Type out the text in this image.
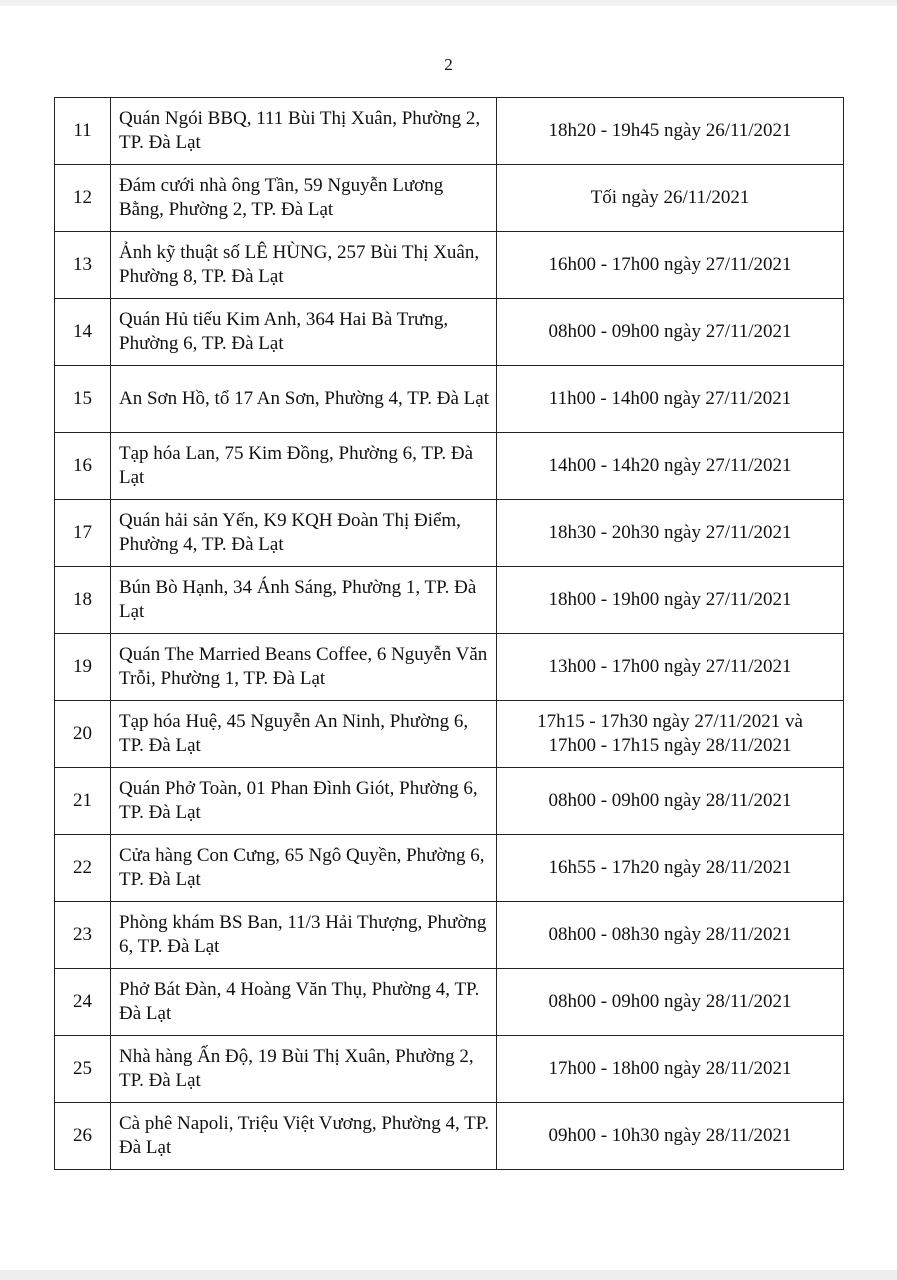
2
11	Quán Ngói BBQ, 111 Bùi Thị Xuân, Phường 2, TP. Đà Lạt	18h20 - 19h45 ngày 26/11/2021
12	Đám cưới nhà ông Tần, 59 Nguyễn Lương Bằng, Phường 2, TP. Đà Lạt	Tối ngày 26/11/2021
13	Ảnh kỹ thuật số LÊ HÙNG, 257 Bùi Thị Xuân, Phường 8, TP. Đà Lạt	16h00 - 17h00 ngày 27/11/2021
14	Quán Hủ tiếu Kim Anh, 364 Hai Bà Trưng, Phường 6, TP. Đà Lạt	08h00 - 09h00 ngày 27/11/2021
15	An Sơn Hồ, tổ 17 An Sơn, Phường 4, TP. Đà Lạt	11h00 - 14h00 ngày 27/11/2021
16	Tạp hóa Lan, 75 Kim Đồng, Phường 6, TP. Đà Lạt	14h00 - 14h20 ngày 27/11/2021
17	Quán hải sản Yến, K9 KQH Đoàn Thị Điểm, Phường 4, TP. Đà Lạt	18h30 - 20h30 ngày 27/11/2021
18	Bún Bò Hạnh, 34 Ánh Sáng, Phường 1, TP. Đà Lạt	18h00 - 19h00 ngày 27/11/2021
19	Quán The Married Beans Coffee, 6 Nguyễn Văn Trỗi, Phường 1, TP. Đà Lạt	13h00 - 17h00 ngày 27/11/2021
20	Tạp hóa Huệ, 45 Nguyễn An Ninh, Phường 6, TP. Đà Lạt	17h15 - 17h30 ngày 27/11/2021 và
17h00 - 17h15 ngày 28/11/2021
21	Quán Phở Toàn, 01 Phan Đình Giót, Phường 6, TP. Đà Lạt	08h00 - 09h00 ngày 28/11/2021
22	Cửa hàng Con Cưng, 65 Ngô Quyền, Phường 6, TP. Đà Lạt	16h55 - 17h20 ngày 28/11/2021
23	Phòng khám BS Ban, 11/3 Hải Thượng, Phường 6, TP. Đà Lạt	08h00 - 08h30 ngày 28/11/2021
24	Phở Bát Đàn, 4 Hoàng Văn Thụ, Phường 4, TP. Đà Lạt	08h00 - 09h00 ngày 28/11/2021
25	Nhà hàng Ấn Độ, 19 Bùi Thị Xuân, Phường 2, TP. Đà Lạt	17h00 - 18h00 ngày 28/11/2021
26	Cà phê Napoli, Triệu Việt Vương, Phường 4, TP. Đà Lạt	09h00 - 10h30 ngày 28/11/2021
